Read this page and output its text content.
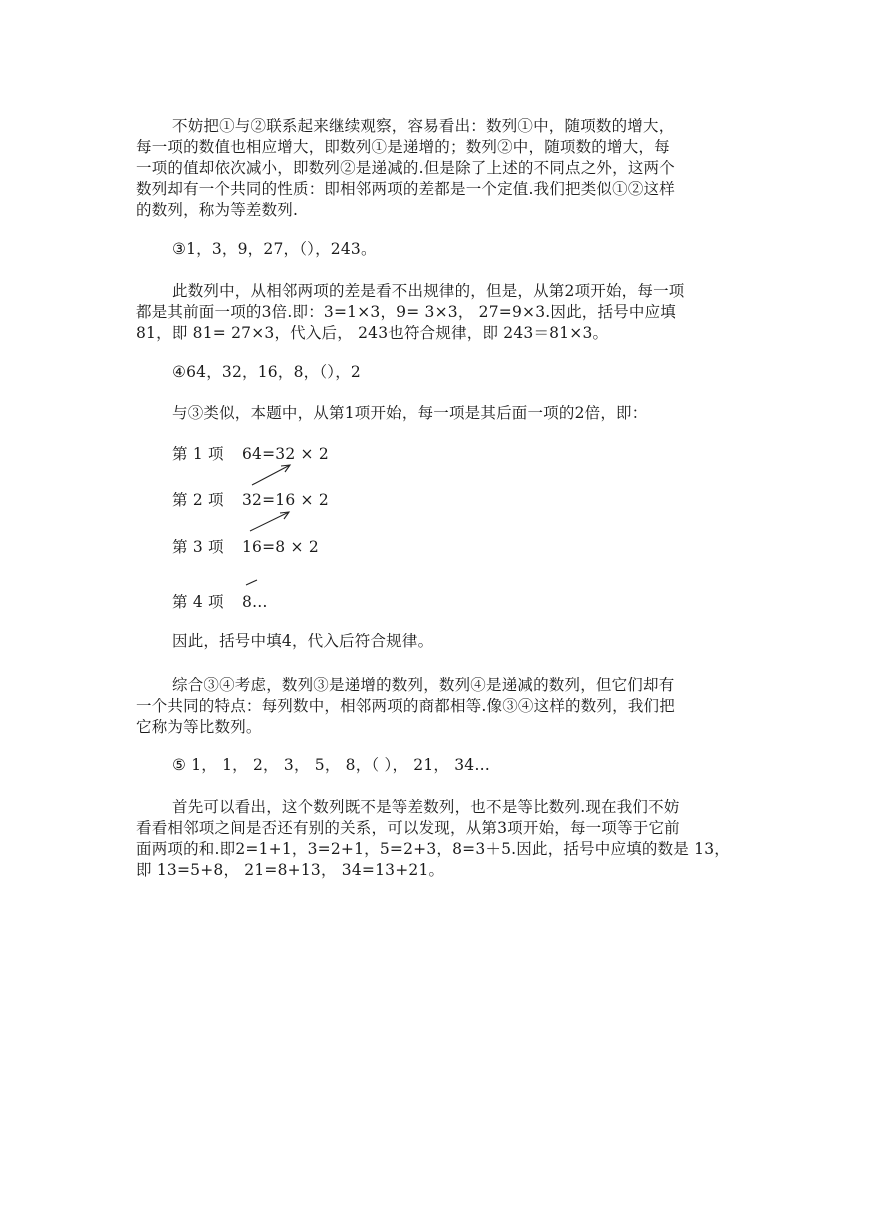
不妨把①与②联系起来继续观察，容易看出：数列①中，随项数的增大，
每一项的数值也相应增大，即数列①是递增的；数列②中，随项数的增大，每
一项的值却依次减小，即数列②是递减的.但是除了上述的不同点之外，这两个
数列却有一个共同的性质：即相邻两项的差都是一个定值.我们把类似①②这样
的数列，称为等差数列.
③1，3，9，27，（），243。
此数列中，从相邻两项的差是看不出规律的，但是，从第2项开始，每一项
都是其前面一项的3倍.即：3=1×3，9= 3×3， 27=9×3.因此，括号中应填
81，即 81= 27×3，代入后， 243也符合规律，即 243＝81×3。
④64，32，16，8，（），2
与③类似，本题中，从第1项开始，每一项是其后面一项的2倍，即：
第 1 项 64=32 × 2
第 2 项 32=16 × 2
第 3 项 16=8 × 2
第 4 项 8…
因此，括号中填4，代入后符合规律。
综合③④考虑，数列③是递增的数列，数列④是递减的数列，但它们却有
一个共同的特点：每列数中，相邻两项的商都相等.像③④这样的数列，我们把
它称为等比数列。
⑤ 1， 1， 2， 3， 5， 8，（ ）， 21， 34…
首先可以看出，这个数列既不是等差数列，也不是等比数列.现在我们不妨
看看相邻项之间是否还有别的关系，可以发现，从第3项开始，每一项等于它前
面两项的和.即2=1+1，3=2+1，5=2+3，8=3＋5.因此，括号中应填的数是 13，
即 13=5+8， 21=8+13， 34=13+21。
